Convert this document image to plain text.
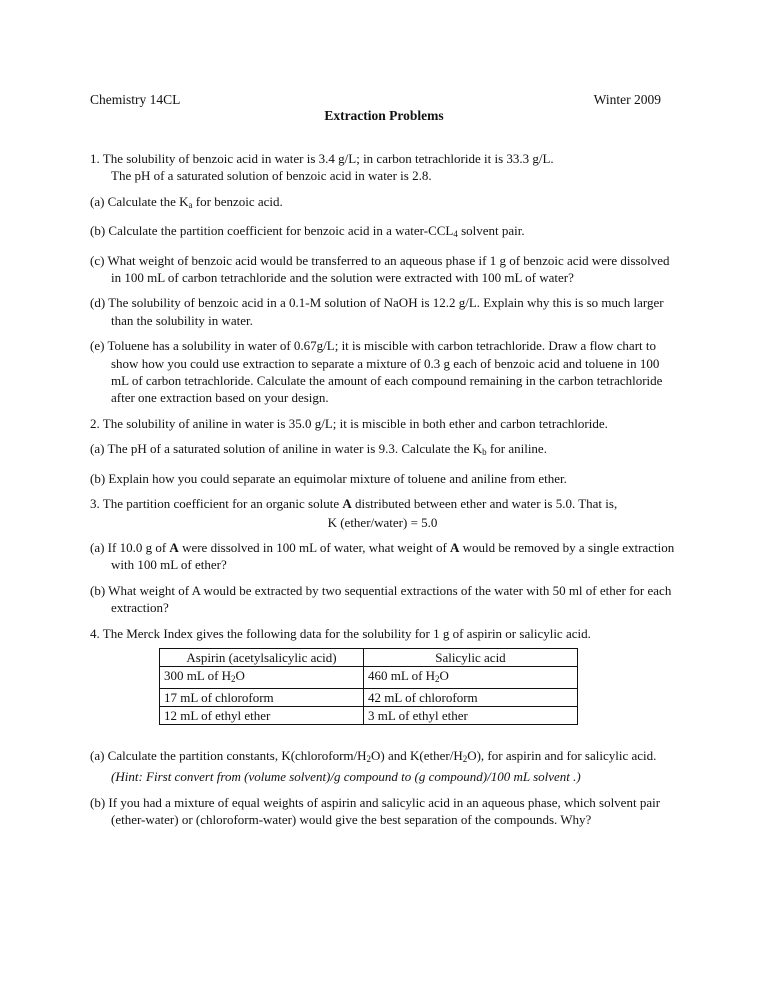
Chemistry 14CL	Winter 2009
Extraction Problems

1. The solubility of benzoic acid in water is 3.4 g/L; in carbon tetrachloride it is 33.3 g/L.
The pH of a saturated solution of benzoic acid in water is 2.8.

(a) Calculate the $K_a$ for benzoic acid.

(b) Calculate the partition coefficient for benzoic acid in a water-$CCL_4$ solvent pair.

(c) What weight of benzoic acid would be transferred to an aqueous phase if 1 g of benzoic acid were dissolved in 100 mL of carbon tetrachloride and the solution were extracted with 100 mL of water?

(d) The solubility of benzoic acid in a 0.1-M solution of NaOH is 12.2 g/L. Explain why this is so much larger than the solubility in water.

(e) Toluene has a solubility in water of 0.67g/L; it is miscible with carbon tetrachloride. Draw a flow chart to show how you could use extraction to separate a mixture of 0.3 g each of benzoic acid and toluene in 100 mL of carbon tetrachloride. Calculate the amount of each compound remaining in the carbon tetrachloride after one extraction based on your design.

2. The solubility of aniline in water is 35.0 g/L; it is miscible in both ether and carbon tetrachloride.

(a) The pH of a saturated solution of aniline in water is 9.3. Calculate the $K_b$ for aniline.

(b) Explain how you could separate an equimolar mixture of toluene and aniline from ether.

3. The partition coefficient for an organic solute A distributed between ether and water is 5.0. That is,

K (ether/water) = 5.0

(a) If 10.0 g of A were dissolved in 100 mL of water, what weight of A would be removed by a single extraction with 100 mL of ether?

(b) What weight of A would be extracted by two sequential extractions of the water with 50 ml of ether for each extraction?

4. The Merck Index gives the following data for the solubility for 1 g of aspirin or salicylic acid.

Aspirin (acetylsalicylic acid)	Salicylic acid
300 mL of $H_2O$	460 mL of $H_2O$
17 mL of chloroform	42 mL of chloroform
12 mL of ethyl ether	3 mL of ethyl ether

(a) Calculate the partition constants, $K(chloroform/H_2O)$ and $K(ether/H_2O)$, for aspirin and for salicylic acid. (Hint: First convert from (volume solvent)/g compound to (g compound)/100 mL solvent .)

(b) If you had a mixture of equal weights of aspirin and salicylic acid in an aqueous phase, which solvent pair (ether-water) or (chloroform-water) would give the best separation of the compounds. Why?
